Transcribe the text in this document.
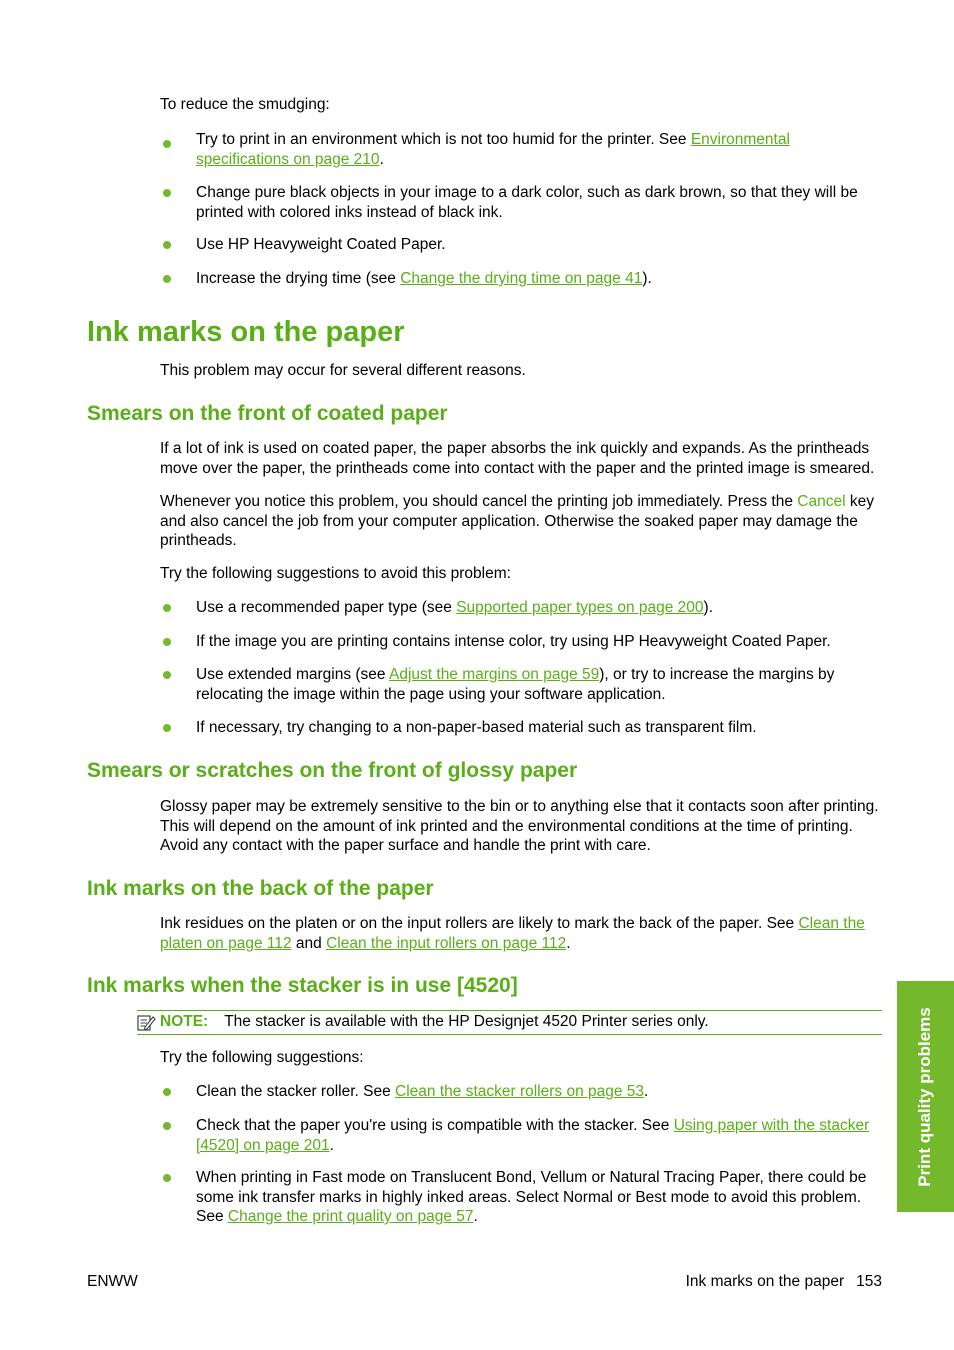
To reduce the smudging:

Try to print in an environment which is not too humid for the printer. See Environmental specifications on page 210.

Change pure black objects in your image to a dark color, such as dark brown, so that they will be printed with colored inks instead of black ink.

Use HP Heavyweight Coated Paper.

Increase the drying time (see Change the drying time on page 41).

Ink marks on the paper

This problem may occur for several different reasons.

Smears on the front of coated paper

If a lot of ink is used on coated paper, the paper absorbs the ink quickly and expands. As the printheads move over the paper, the printheads come into contact with the paper and the printed image is smeared.

Whenever you notice this problem, you should cancel the printing job immediately. Press the Cancel key and also cancel the job from your computer application. Otherwise the soaked paper may damage the printheads.

Try the following suggestions to avoid this problem:

Use a recommended paper type (see Supported paper types on page 200).

If the image you are printing contains intense color, try using HP Heavyweight Coated Paper.

Use extended margins (see Adjust the margins on page 59), or try to increase the margins by relocating the image within the page using your software application.

If necessary, try changing to a non-paper-based material such as transparent film.

Smears or scratches on the front of glossy paper

Glossy paper may be extremely sensitive to the bin or to anything else that it contacts soon after printing. This will depend on the amount of ink printed and the environmental conditions at the time of printing. Avoid any contact with the paper surface and handle the print with care.

Ink marks on the back of the paper

Ink residues on the platen or on the input rollers are likely to mark the back of the paper. See Clean the platen on page 112 and Clean the input rollers on page 112.

Ink marks when the stacker is in use [4520]

NOTE: The stacker is available with the HP Designjet 4520 Printer series only.

Try the following suggestions:

Clean the stacker roller. See Clean the stacker rollers on page 53.

Check that the paper you're using is compatible with the stacker. See Using paper with the stacker [4520] on page 201.

When printing in Fast mode on Translucent Bond, Vellum or Natural Tracing Paper, there could be some ink transfer marks in highly inked areas. Select Normal or Best mode to avoid this problem. See Change the print quality on page 57.

Print quality problems
ENWW	Ink marks on the paper 153
